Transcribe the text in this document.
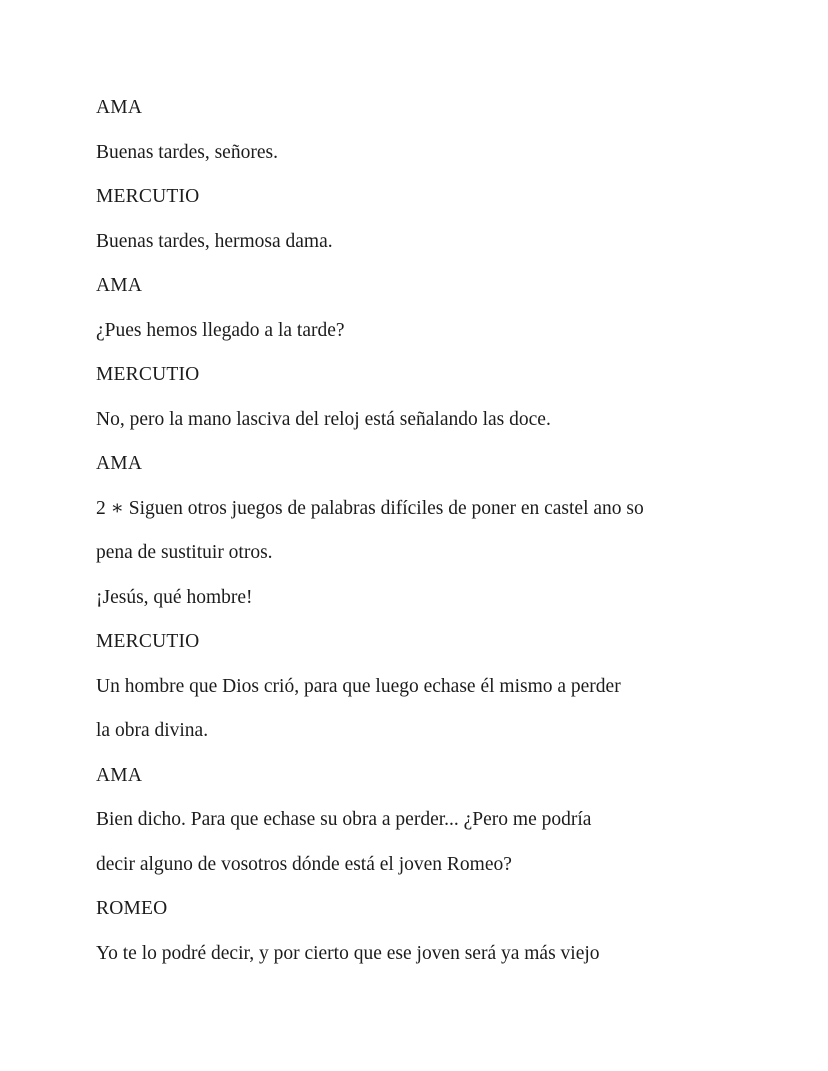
AMA

Buenas tardes, señores.

MERCUTIO

Buenas tardes, hermosa dama.

AMA

¿Pues hemos llegado a la tarde?

MERCUTIO

No, pero la mano lasciva del reloj está señalando las doce.

AMA

2 ∗ Siguen otros juegos de palabras difíciles de poner en castel ano so

pena de sustituir otros.

¡Jesús, qué hombre!

MERCUTIO

Un hombre que Dios crió, para que luego echase él mismo a perder

la obra divina.

AMA

Bien dicho. Para que echase su obra a perder... ¿Pero me podría

decir alguno de vosotros dónde está el joven Romeo?

ROMEO

Yo te lo podré decir, y por cierto que ese joven será ya más viejo
